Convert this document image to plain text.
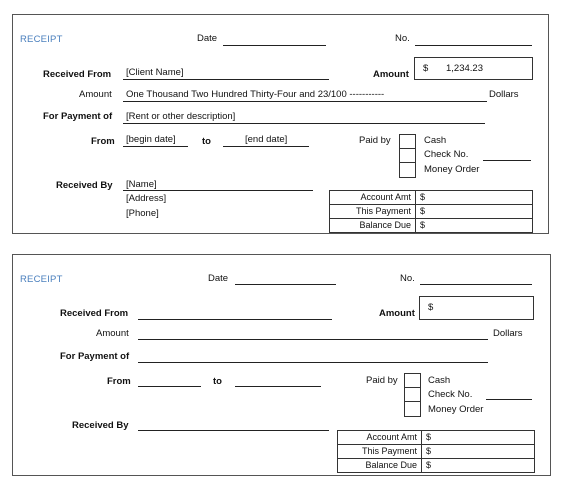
RECEIPT	Date	No.
Received From [Client Name]	Amount
$ 1,234.23
Amount One Thousand Two Hundred Thirty-Four and 23/100 -----------	Dollars
For Payment of [Rent or other description]
From [begin date]	to	[end date]	Paid by	Cash
Check No.
Money Order
Received By [Name]
[Address]
[Phone]
Account Amt	$
This Payment	$
Balance Due	$
RECEIPT	Date	No.
Received From	Amount
$
Amount	Dollars
For Payment of
From	to	Paid by	Cash
Check No.
Money Order
Received By
Account Amt	$
This Payment	$
Balance Due	$
